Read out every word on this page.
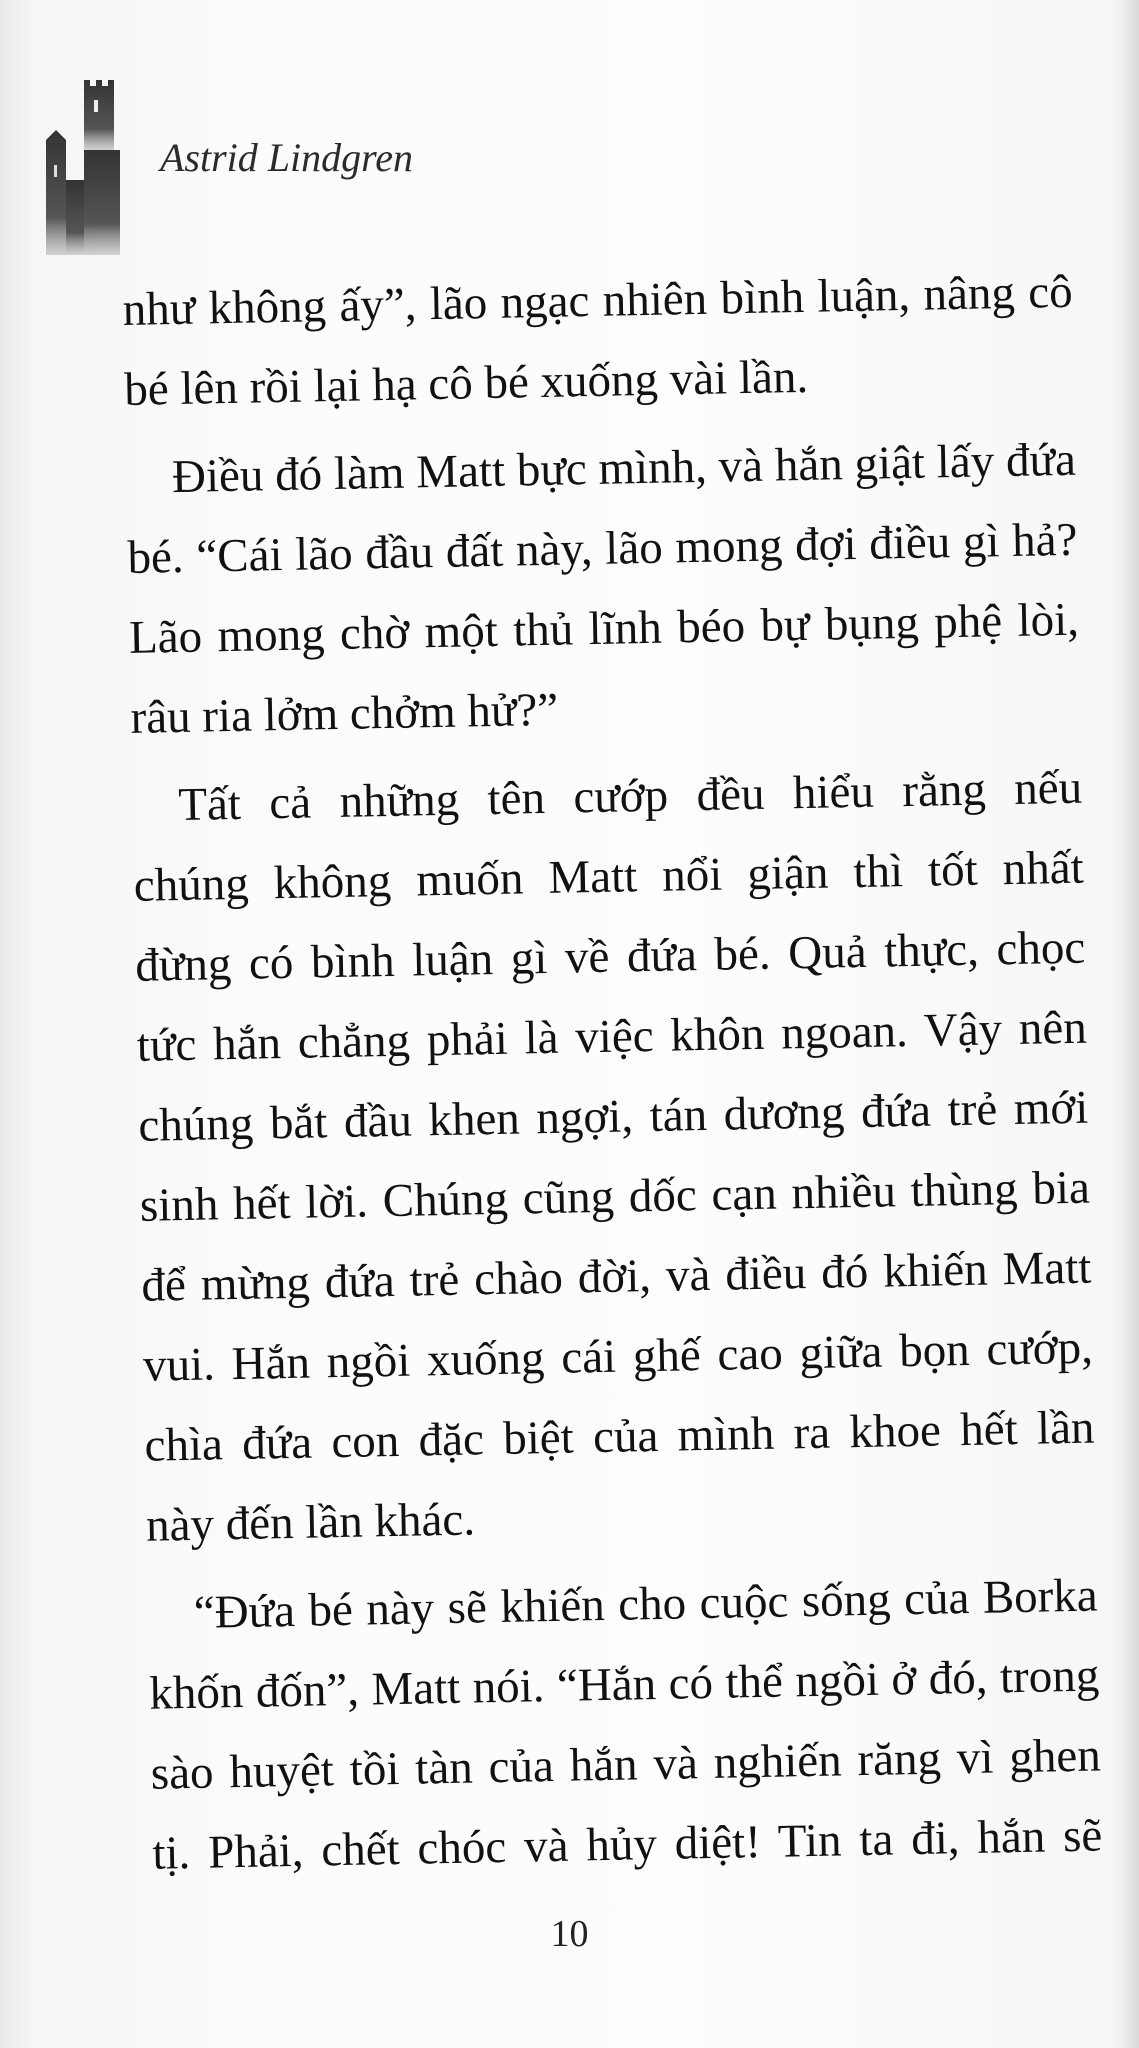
Astrid Lindgren
như không ấy”, lão ngạc nhiên bình luận, nâng cô
bé lên rồi lại hạ cô bé xuống vài lần.
Điều đó làm Matt bực mình, và hắn giật lấy đứa
bé. “Cái lão đầu đất này, lão mong đợi điều gì hả?
Lão mong chờ một thủ lĩnh béo bự bụng phệ lòi,
râu ria lởm chởm hử?”
Tất cả những tên cướp đều hiểu rằng nếu
chúng không muốn Matt nổi giận thì tốt nhất
đừng có bình luận gì về đứa bé. Quả thực, chọc
tức hắn chẳng phải là việc khôn ngoan. Vậy nên
chúng bắt đầu khen ngợi, tán dương đứa trẻ mới
sinh hết lời. Chúng cũng dốc cạn nhiều thùng bia
để mừng đứa trẻ chào đời, và điều đó khiến Matt
vui. Hắn ngồi xuống cái ghế cao giữa bọn cướp,
chìa đứa con đặc biệt của mình ra khoe hết lần
này đến lần khác.
“Đứa bé này sẽ khiến cho cuộc sống của Borka
khốn đốn”, Matt nói. “Hắn có thể ngồi ở đó, trong
sào huyệt tồi tàn của hắn và nghiến răng vì ghen
tị. Phải, chết chóc và hủy diệt! Tin ta đi, hắn sẽ
10
